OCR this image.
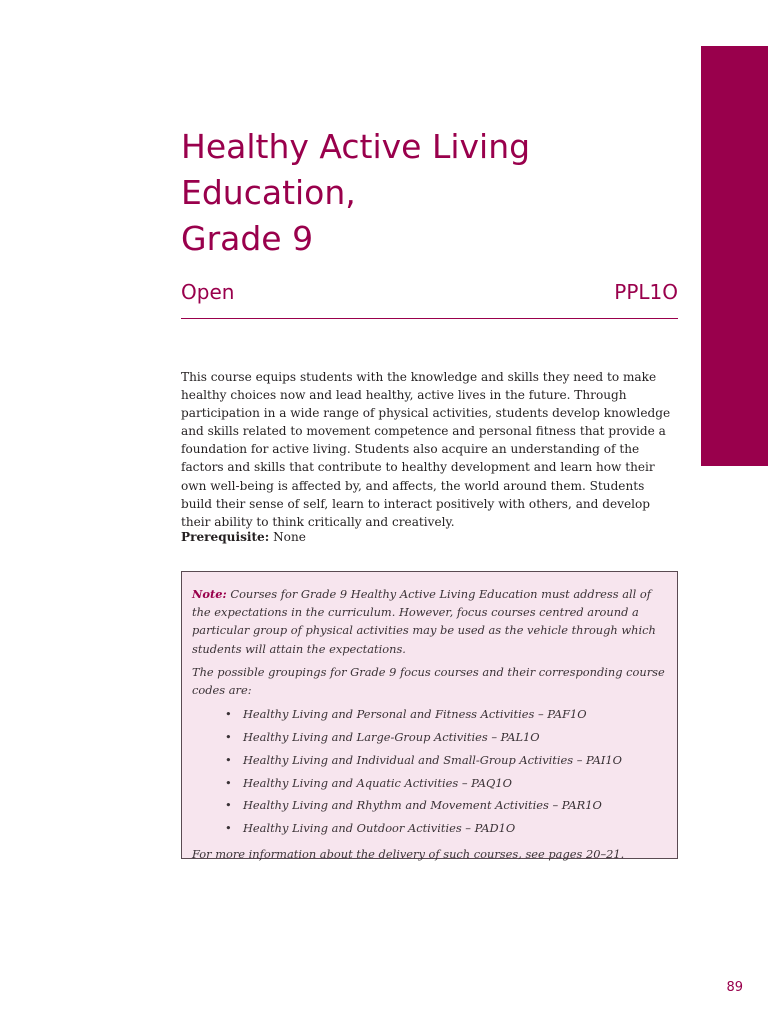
Healthy Active Living
Education,
Grade 9
Open	PPL1O

This course equips students with the knowledge and skills they need to make healthy choices now and lead healthy, active lives in the future. Through participation in a wide range of physical activities, students develop knowledge and skills related to movement competence and personal fitness that provide a foundation for active living. Students also acquire an understanding of the factors and skills that contribute to healthy development and learn how their own well-being is affected by, and affects, the world around them. Students build their sense of self, learn to interact positively with others, and develop their ability to think critically and creatively.

Prerequisite: None

Note: Courses for Grade 9 Healthy Active Living Education must address all of the expectations in the curriculum. However, focus courses centred around a particular group of physical activities may be used as the vehicle through which students will attain the expectations.

The possible groupings for Grade 9 focus courses and their corresponding course codes are:

• Healthy Living and Personal and Fitness Activities – PAF1O
• Healthy Living and Large-Group Activities – PAL1O
• Healthy Living and Individual and Small-Group Activities – PAI1O
• Healthy Living and Aquatic Activities – PAQ1O
• Healthy Living and Rhythm and Movement Activities – PAR1O
• Healthy Living and Outdoor Activities – PAD1O

For more information about the delivery of such courses, see pages 20–21.

89
